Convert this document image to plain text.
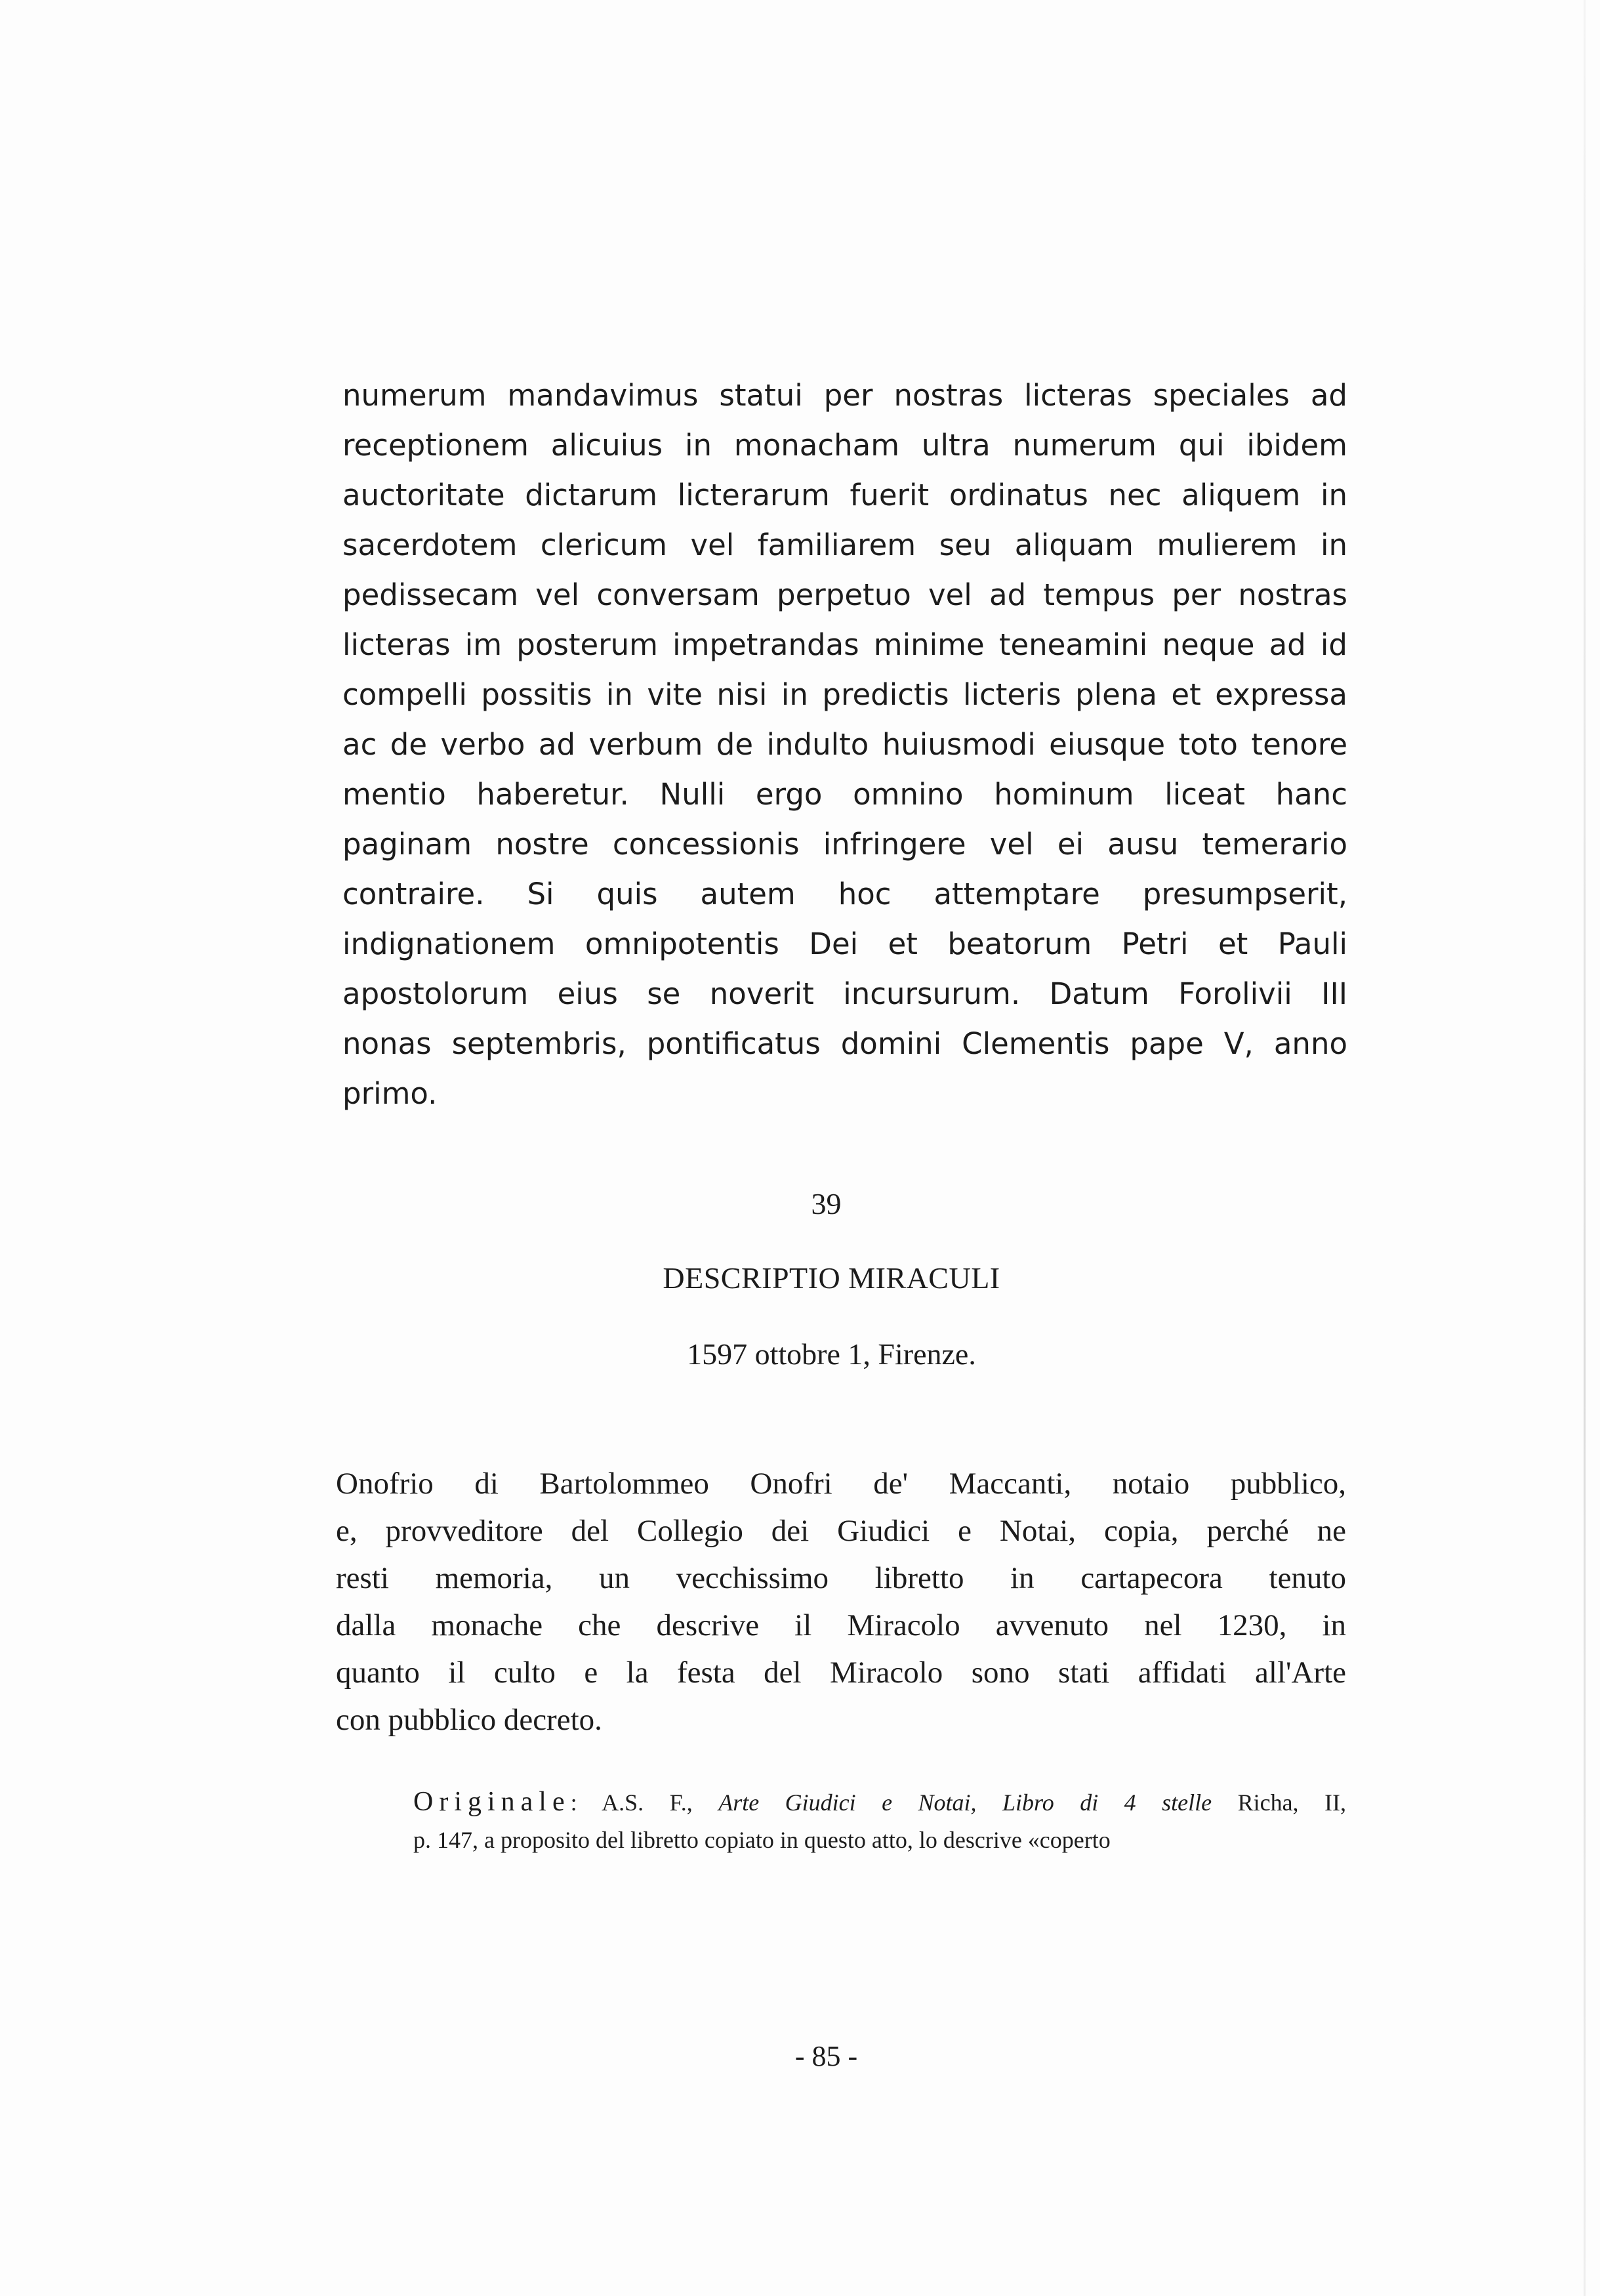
numerum mandavimus statui per nostras licteras speciales ad
receptionem alicuius in monacham ultra numerum qui ibidem
auctoritate dictarum licterarum fuerit ordinatus nec aliquem in
sacerdotem clericum vel familiarem seu aliquam mulierem in
pedissecam vel conversam perpetuo vel ad tempus per nostras
licteras im posterum impetrandas minime teneamini neque ad id
compelli possitis in vite nisi in predictis licteris plena et expressa
ac de verbo ad verbum de indulto huiusmodi eiusque toto tenore
mentio haberetur. Nulli ergo omnino hominum liceat hanc
paginam nostre concessionis infringere vel ei ausu temerario
contraire. Si quis autem hoc attemptare presumpserit,
indignationem omnipotentis Dei et beatorum Petri et Pauli
apostolorum eius se noverit incursurum. Datum Forolivii III
nonas septembris, pontificatus domini Clementis pape V, anno
primo.
39
DESCRIPTIO MIRACULI
1597 ottobre 1, Firenze.
Onofrio di Bartolommeo Onofri de' Maccanti, notaio pubblico,
e, provveditore del Collegio dei Giudici e Notai, copia, perché ne
resti memoria, un vecchissimo libretto in cartapecora tenuto
dalla monache che descrive il Miracolo avvenuto nel 1230, in
quanto il culto e la festa del Miracolo sono stati affidati all'Arte
con pubblico decreto.
Originale: A.S. F., Arte Giudici e Notai, Libro di 4 stelle Richa, II,
p. 147, a proposito del libretto copiato in questo atto, lo descrive «coperto
- 85 -
